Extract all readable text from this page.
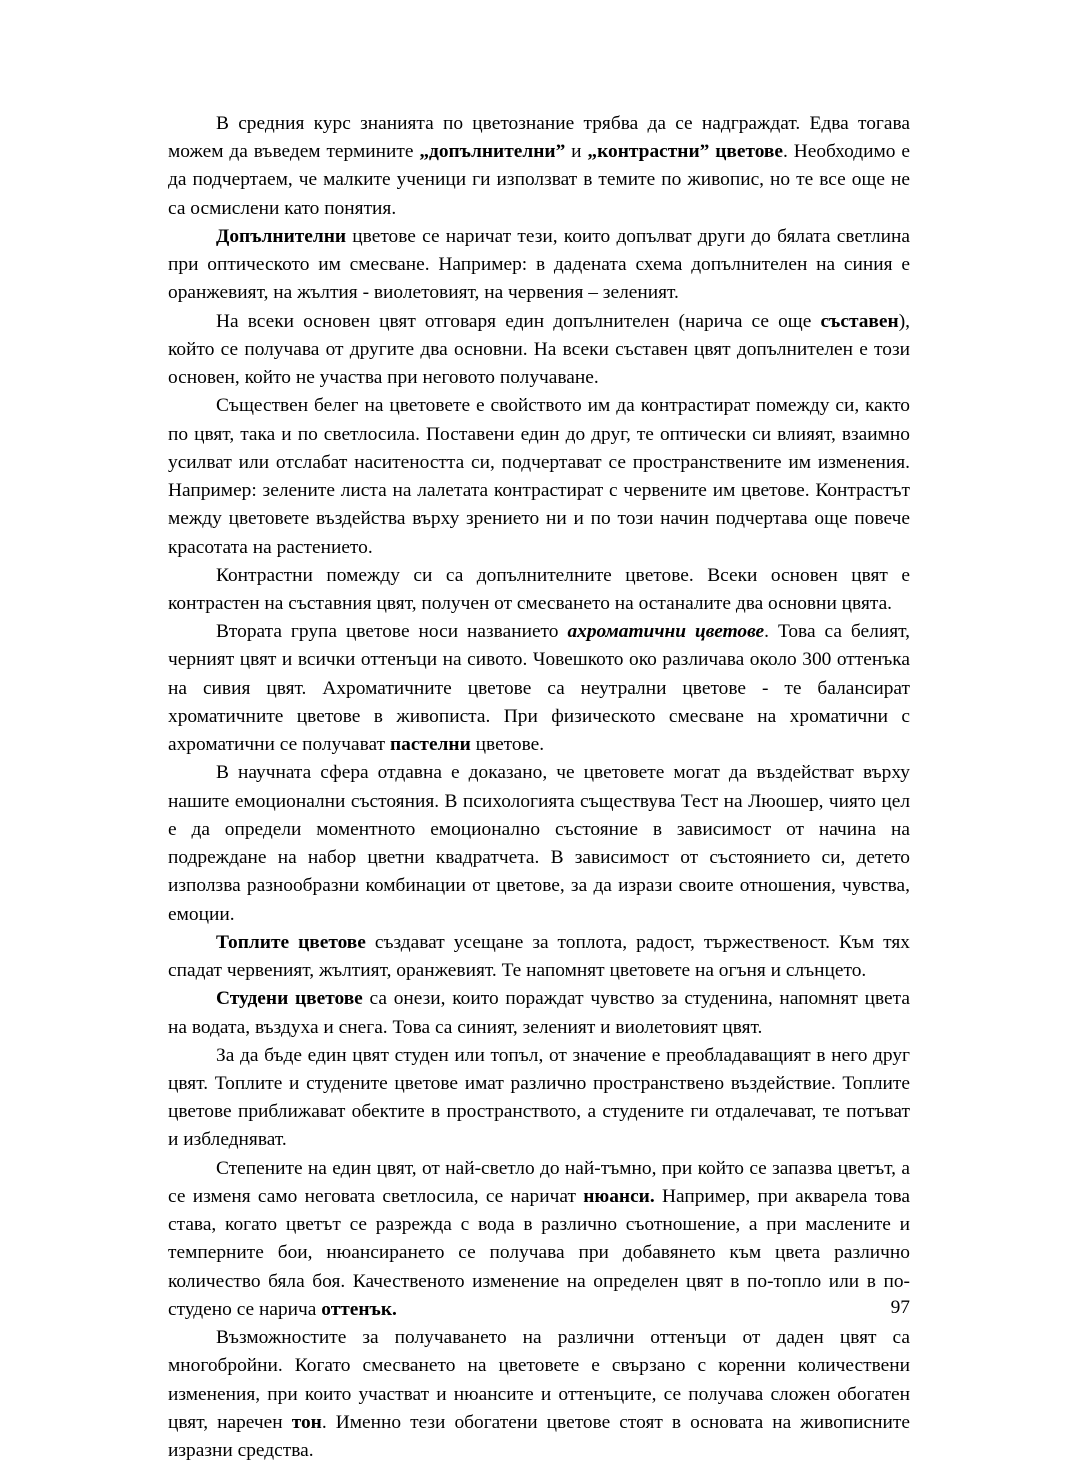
В средния курс знанията по цветознание трябва да се надграждат. Едва тогава можем да въведем термините „допълнителни” и „контрастни” цветове. Необходимо е да подчертаем, че малките ученици ги използват в темите по живопис, но те все още не са осмислени като понятия.

Допълнителни цветове се наричат тези, които допълват други до бялата светлина при оптическото им смесване. Например: в дадената схема допълнителен на синия е оранжевият, на жълтия - виолетовият, на червения – зеленият.

На всеки основен цвят отговаря един допълнителен (нарича се още съставен), който се получава от другите два основни. На всеки съставен цвят допълнителен е този основен, който не участва при неговото получаване.

Съществен белег на цветовете е свойството им да контрастират помежду си, както по цвят, така и по светлосила. Поставени един до друг, те оптически си влияят, взаимно усилват или отслабат наситеността си, подчертават се пространствените им изменения. Например: зелените листа на лалетата контрастират с червените им цветове. Контрастът между цветовете въздейства върху зрението ни и по този начин подчертава още повече красотата на растението.

Контрастни помежду си са допълнителните цветове. Всеки основен цвят е контрастен на съставния цвят, получен от смесването на останалите два основни цвята.

Втората група цветове носи названието ахроматични цветове. Това са белият, черният цвят и всички оттенъци на сивото. Човешкото око различава около 300 оттенъка на сивия цвят. Ахроматичните цветове са неутрални цветове - те балансират хроматичните цветове в живописта. При физическото смесване на хроматични с ахроматични се получават пастелни цветове.

В научната сфера отдавна е доказано, че цветовете могат да въздействат върху нашите емоционални състояния. В психологията съществува Тест на Люошер, чиято цел е да определи моментното емоционално състояние в зависимост от начина на подреждане на набор цветни квадратчета. В зависимост от състоянието си, детето използва разнообразни комбинации от цветове, за да изрази своите отношения, чувства, емоции.

Топлите цветове създават усещане за топлота, радост, тържественост. Към тях спадат червеният, жълтият, оранжевият. Те напомнят цветовете на огъня и слънцето.

Студени цветове са онези, които пораждат чувство за студенина, напомнят цвета на водата, въздуха и снега. Това са синият, зеленият и виолетовият цвят.

За да бъде един цвят студен или топъл, от значение е преобладаващият в него друг цвят. Топлите и студените цветове имат различно пространствено въздействие. Топлите цветове приближават обектите в пространството, а студените ги отдалечават, те потъват и избледняват.

Степените на един цвят, от най-светло до най-тъмно, при който се запазва цветът, а се изменя само неговата светлосила, се наричат нюанси. Например, при акварела това става, когато цветът се разрежда с вода в различно съотношение, а при маслените и темперните бои, нюансирането се получава при добавянето към цвета различно количество бяла боя. Качественото изменение на определен цвят в по-топло или в по-студено се нарича оттенък.

Възможностите за получаването на различни оттенъци от даден цвят са многобройни. Когато смесването на цветовете е свързано с коренни количествени изменения, при които участват и нюансите и оттенъците, се получава сложен обогатен цвят, наречен тон. Именно тези обогатени цветове стоят в основата на живописните изразни средства.

97
